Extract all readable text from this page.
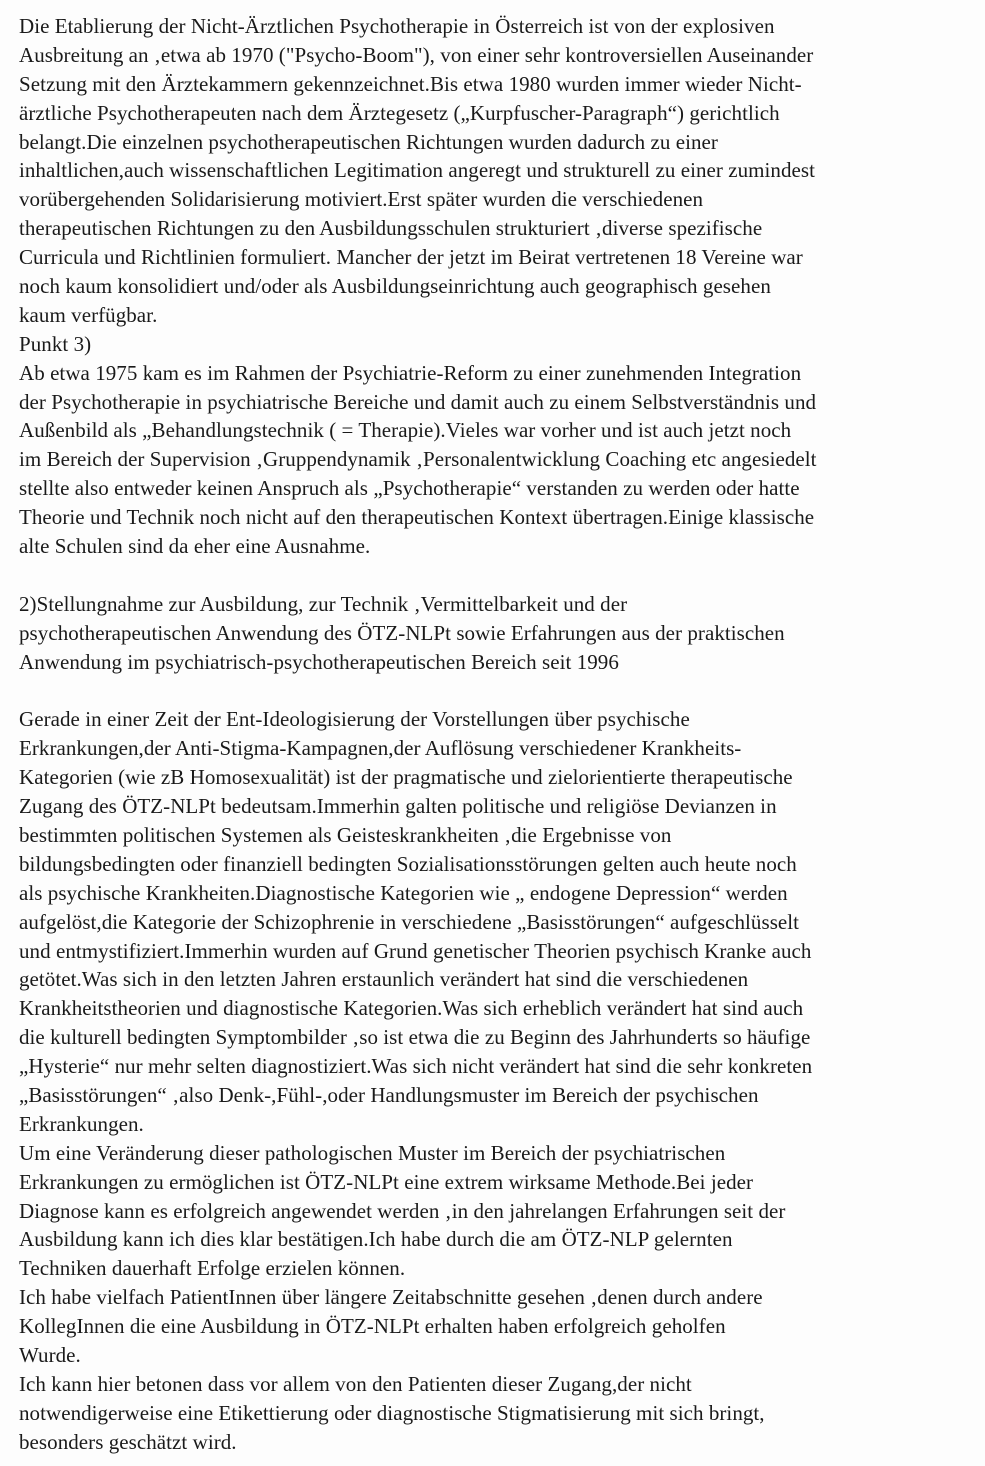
Die Etablierung der Nicht-Ärztlichen Psychotherapie in Österreich ist von der explosiven
Ausbreitung an ‚etwa ab 1970 ("Psycho-Boom"), von einer sehr kontroversiellen Auseinander
Setzung mit den Ärztekammern gekennzeichnet.Bis etwa 1980 wurden immer wieder Nicht-
ärztliche Psychotherapeuten nach dem Ärztegesetz („Kurpfuscher-Paragraph“) gerichtlich
belangt.Die einzelnen psychotherapeutischen Richtungen wurden dadurch zu einer
inhaltlichen,auch wissenschaftlichen Legitimation angeregt und strukturell zu einer zumindest
vorübergehenden Solidarisierung motiviert.Erst später wurden die verschiedenen
therapeutischen Richtungen zu den Ausbildungsschulen strukturiert ‚diverse spezifische
Curricula und Richtlinien formuliert. Mancher der jetzt im Beirat vertretenen 18 Vereine war
noch kaum konsolidiert und/oder als Ausbildungseinrichtung auch geographisch gesehen
kaum verfügbar.
Punkt 3)
Ab etwa 1975 kam es im Rahmen der Psychiatrie-Reform zu einer zunehmenden Integration
der Psychotherapie in psychiatrische Bereiche und damit auch zu einem Selbstverständnis und
Außenbild als „Behandlungstechnik ( = Therapie).Vieles war vorher und ist auch jetzt noch
im Bereich der Supervision ‚Gruppendynamik ‚Personalentwicklung Coaching etc angesiedelt
stellte also entweder keinen Anspruch als „Psychotherapie“ verstanden zu werden oder hatte
Theorie und Technik noch nicht auf den therapeutischen Kontext übertragen.Einige klassische
alte Schulen sind da eher eine Ausnahme.
2)Stellungnahme zur Ausbildung, zur Technik ‚Vermittelbarkeit und der
psychotherapeutischen Anwendung des ÖTZ-NLPt sowie Erfahrungen aus der praktischen
Anwendung im psychiatrisch-psychotherapeutischen Bereich seit 1996
Gerade in einer Zeit der Ent-Ideologisierung der Vorstellungen über psychische
Erkrankungen,der Anti-Stigma-Kampagnen,der Auflösung verschiedener Krankheits-
Kategorien (wie zB Homosexualität) ist der pragmatische und zielorientierte therapeutische
Zugang des ÖTZ-NLPt bedeutsam.Immerhin galten politische und religiöse Devianzen in
bestimmten politischen Systemen als Geisteskrankheiten ‚die Ergebnisse von
bildungsbedingten oder finanziell bedingten Sozialisationsstörungen gelten auch heute noch
als psychische Krankheiten.Diagnostische Kategorien wie „ endogene Depression“ werden
aufgelöst,die Kategorie der Schizophrenie in verschiedene „Basisstörungen“ aufgeschlüsselt
und entmystifiziert.Immerhin wurden auf Grund genetischer Theorien psychisch Kranke auch
getötet.Was sich in den letzten Jahren erstaunlich verändert hat sind die verschiedenen
Krankheitstheorien und diagnostische Kategorien.Was sich erheblich verändert hat sind auch
die kulturell bedingten Symptombilder ‚so ist etwa die zu Beginn des Jahrhunderts so häufige
„Hysterie“ nur mehr selten diagnostiziert.Was sich nicht verändert hat sind die sehr konkreten
„Basisstörungen“ ‚also Denk-,Fühl-,oder Handlungsmuster im Bereich der psychischen
Erkrankungen.
Um eine Veränderung dieser pathologischen Muster im Bereich der psychiatrischen
Erkrankungen zu ermöglichen ist ÖTZ-NLPt eine extrem wirksame Methode.Bei jeder
Diagnose kann es erfolgreich angewendet werden ‚in den jahrelangen Erfahrungen seit der
Ausbildung kann ich dies klar bestätigen.Ich habe durch die am ÖTZ-NLP gelernten
Techniken dauerhaft Erfolge erzielen können.
Ich habe vielfach PatientInnen über längere Zeitabschnitte gesehen ‚denen durch andere
KollegInnen die eine Ausbildung in ÖTZ-NLPt erhalten haben erfolgreich geholfen
Wurde.
Ich kann hier betonen dass vor allem von den Patienten dieser Zugang,der nicht
notwendigerweise eine Etikettierung oder diagnostische Stigmatisierung mit sich bringt,
besonders geschätzt wird.
